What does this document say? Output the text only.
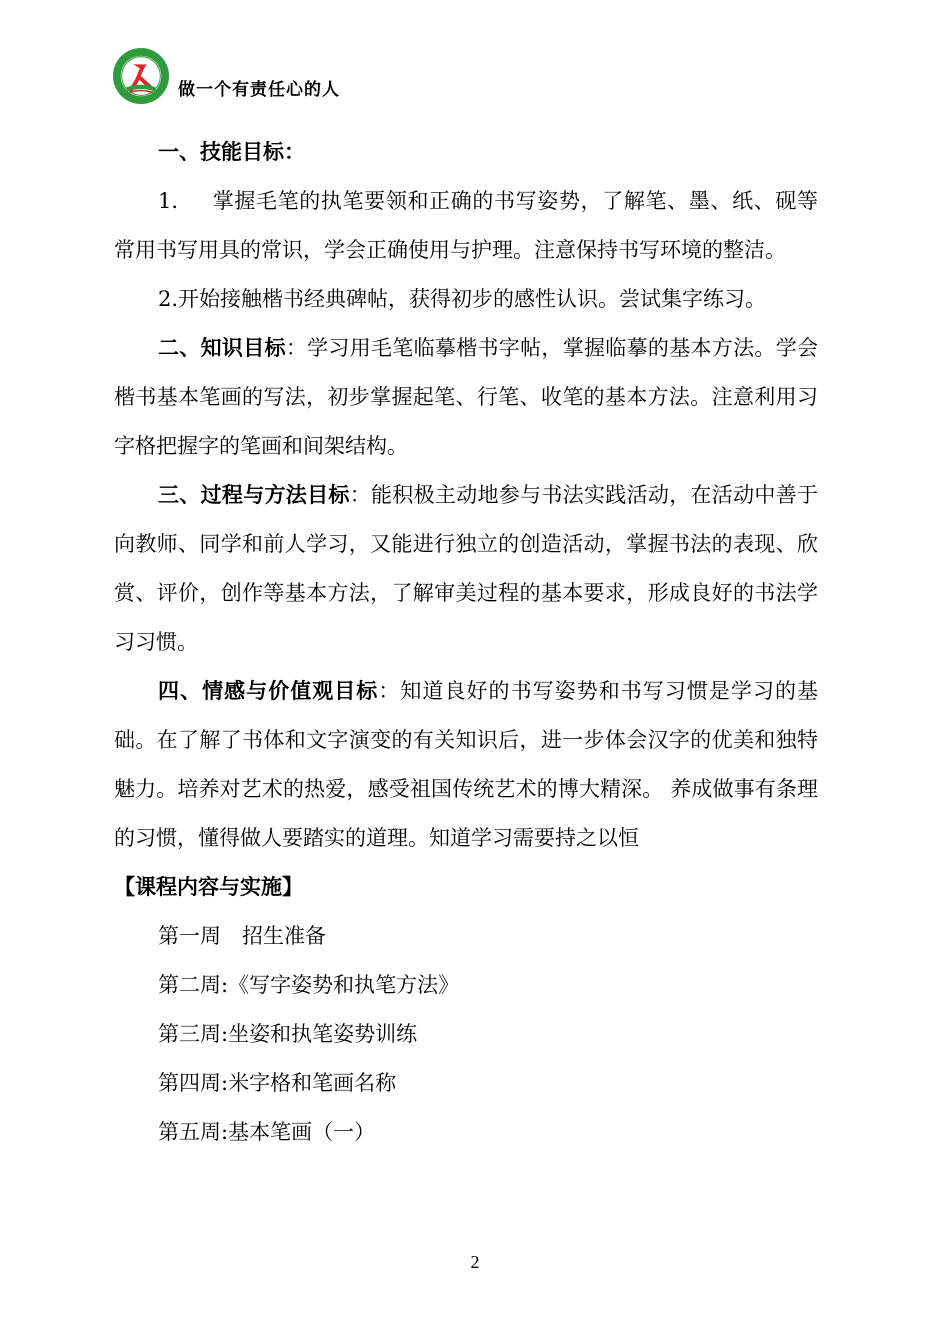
做一个有责任心的人

一、技能目标：

1. 掌握毛笔的执笔要领和正确的书写姿势，了解笔、墨、纸、砚等常用书写用具的常识，学会正确使用与护理。注意保持书写环境的整洁。

2.开始接触楷书经典碑帖，获得初步的感性认识。尝试集字练习。

二、知识目标：学习用毛笔临摹楷书字帖，掌握临摹的基本方法。学会楷书基本笔画的写法，初步掌握起笔、行笔、收笔的基本方法。注意利用习字格把握字的笔画和间架结构。

三、过程与方法目标：能积极主动地参与书法实践活动，在活动中善于向教师、同学和前人学习，又能进行独立的创造活动，掌握书法的表现、欣赏、评价，创作等基本方法，了解审美过程的基本要求，形成良好的书法学习习惯。

四、情感与价值观目标：知道良好的书写姿势和书写习惯是学习的基础。在了解了书体和文字演变的有关知识后，进一步体会汉字的优美和独特魅力。培养对艺术的热爱，感受祖国传统艺术的博大精深。 养成做事有条理的习惯，懂得做人要踏实的道理。知道学习需要持之以恒

【课程内容与实施】

第一周　招生准备

第二周:《写字姿势和执笔方法》

第三周:坐姿和执笔姿势训练

第四周:米字格和笔画名称

第五周:基本笔画（一）

2
